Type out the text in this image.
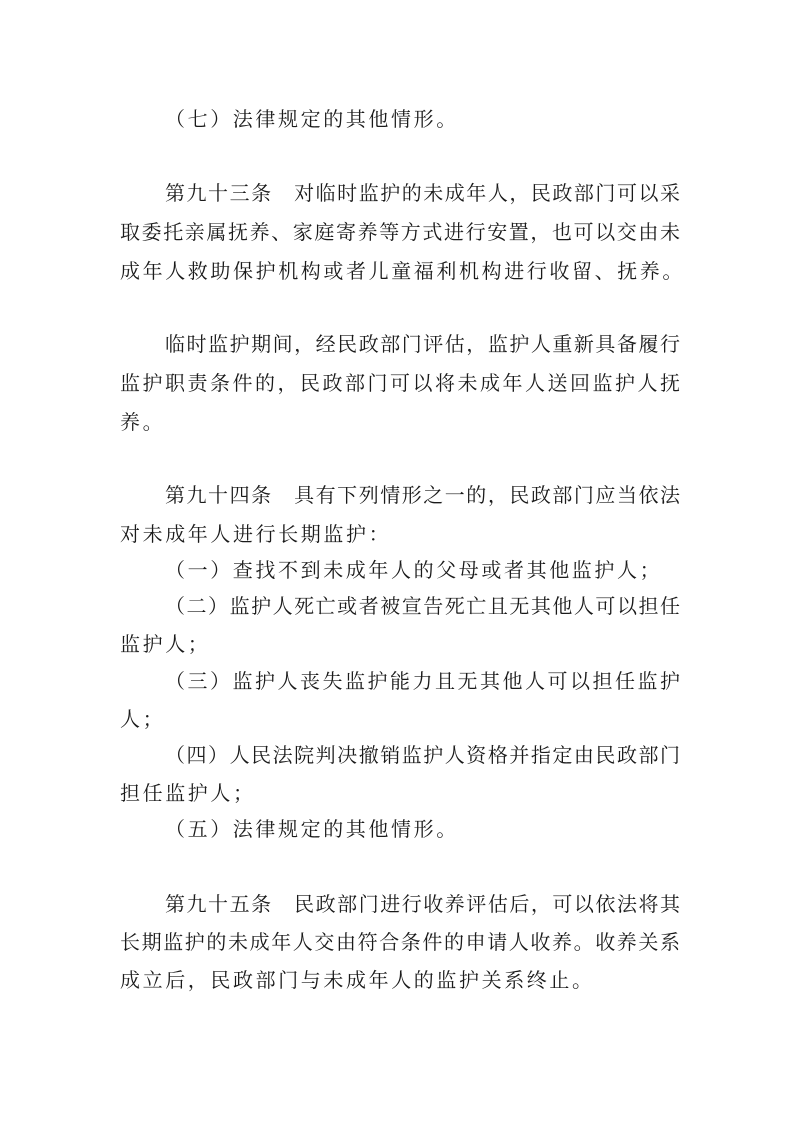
（七）法律规定的其他情形。
第九十三条　对临时监护的未成年人，民政部门可以采
取委托亲属抚养、家庭寄养等方式进行安置，也可以交由未
成年人救助保护机构或者儿童福利机构进行收留、抚养。
临时监护期间，经民政部门评估，监护人重新具备履行
监护职责条件的，民政部门可以将未成年人送回监护人抚
养。
第九十四条　具有下列情形之一的，民政部门应当依法
对未成年人进行长期监护：
（一）查找不到未成年人的父母或者其他监护人；
（二）监护人死亡或者被宣告死亡且无其他人可以担任
监护人；
（三）监护人丧失监护能力且无其他人可以担任监护
人；
（四）人民法院判决撤销监护人资格并指定由民政部门
担任监护人；
（五）法律规定的其他情形。
第九十五条　民政部门进行收养评估后，可以依法将其
长期监护的未成年人交由符合条件的申请人收养。收养关系
成立后，民政部门与未成年人的监护关系终止。
